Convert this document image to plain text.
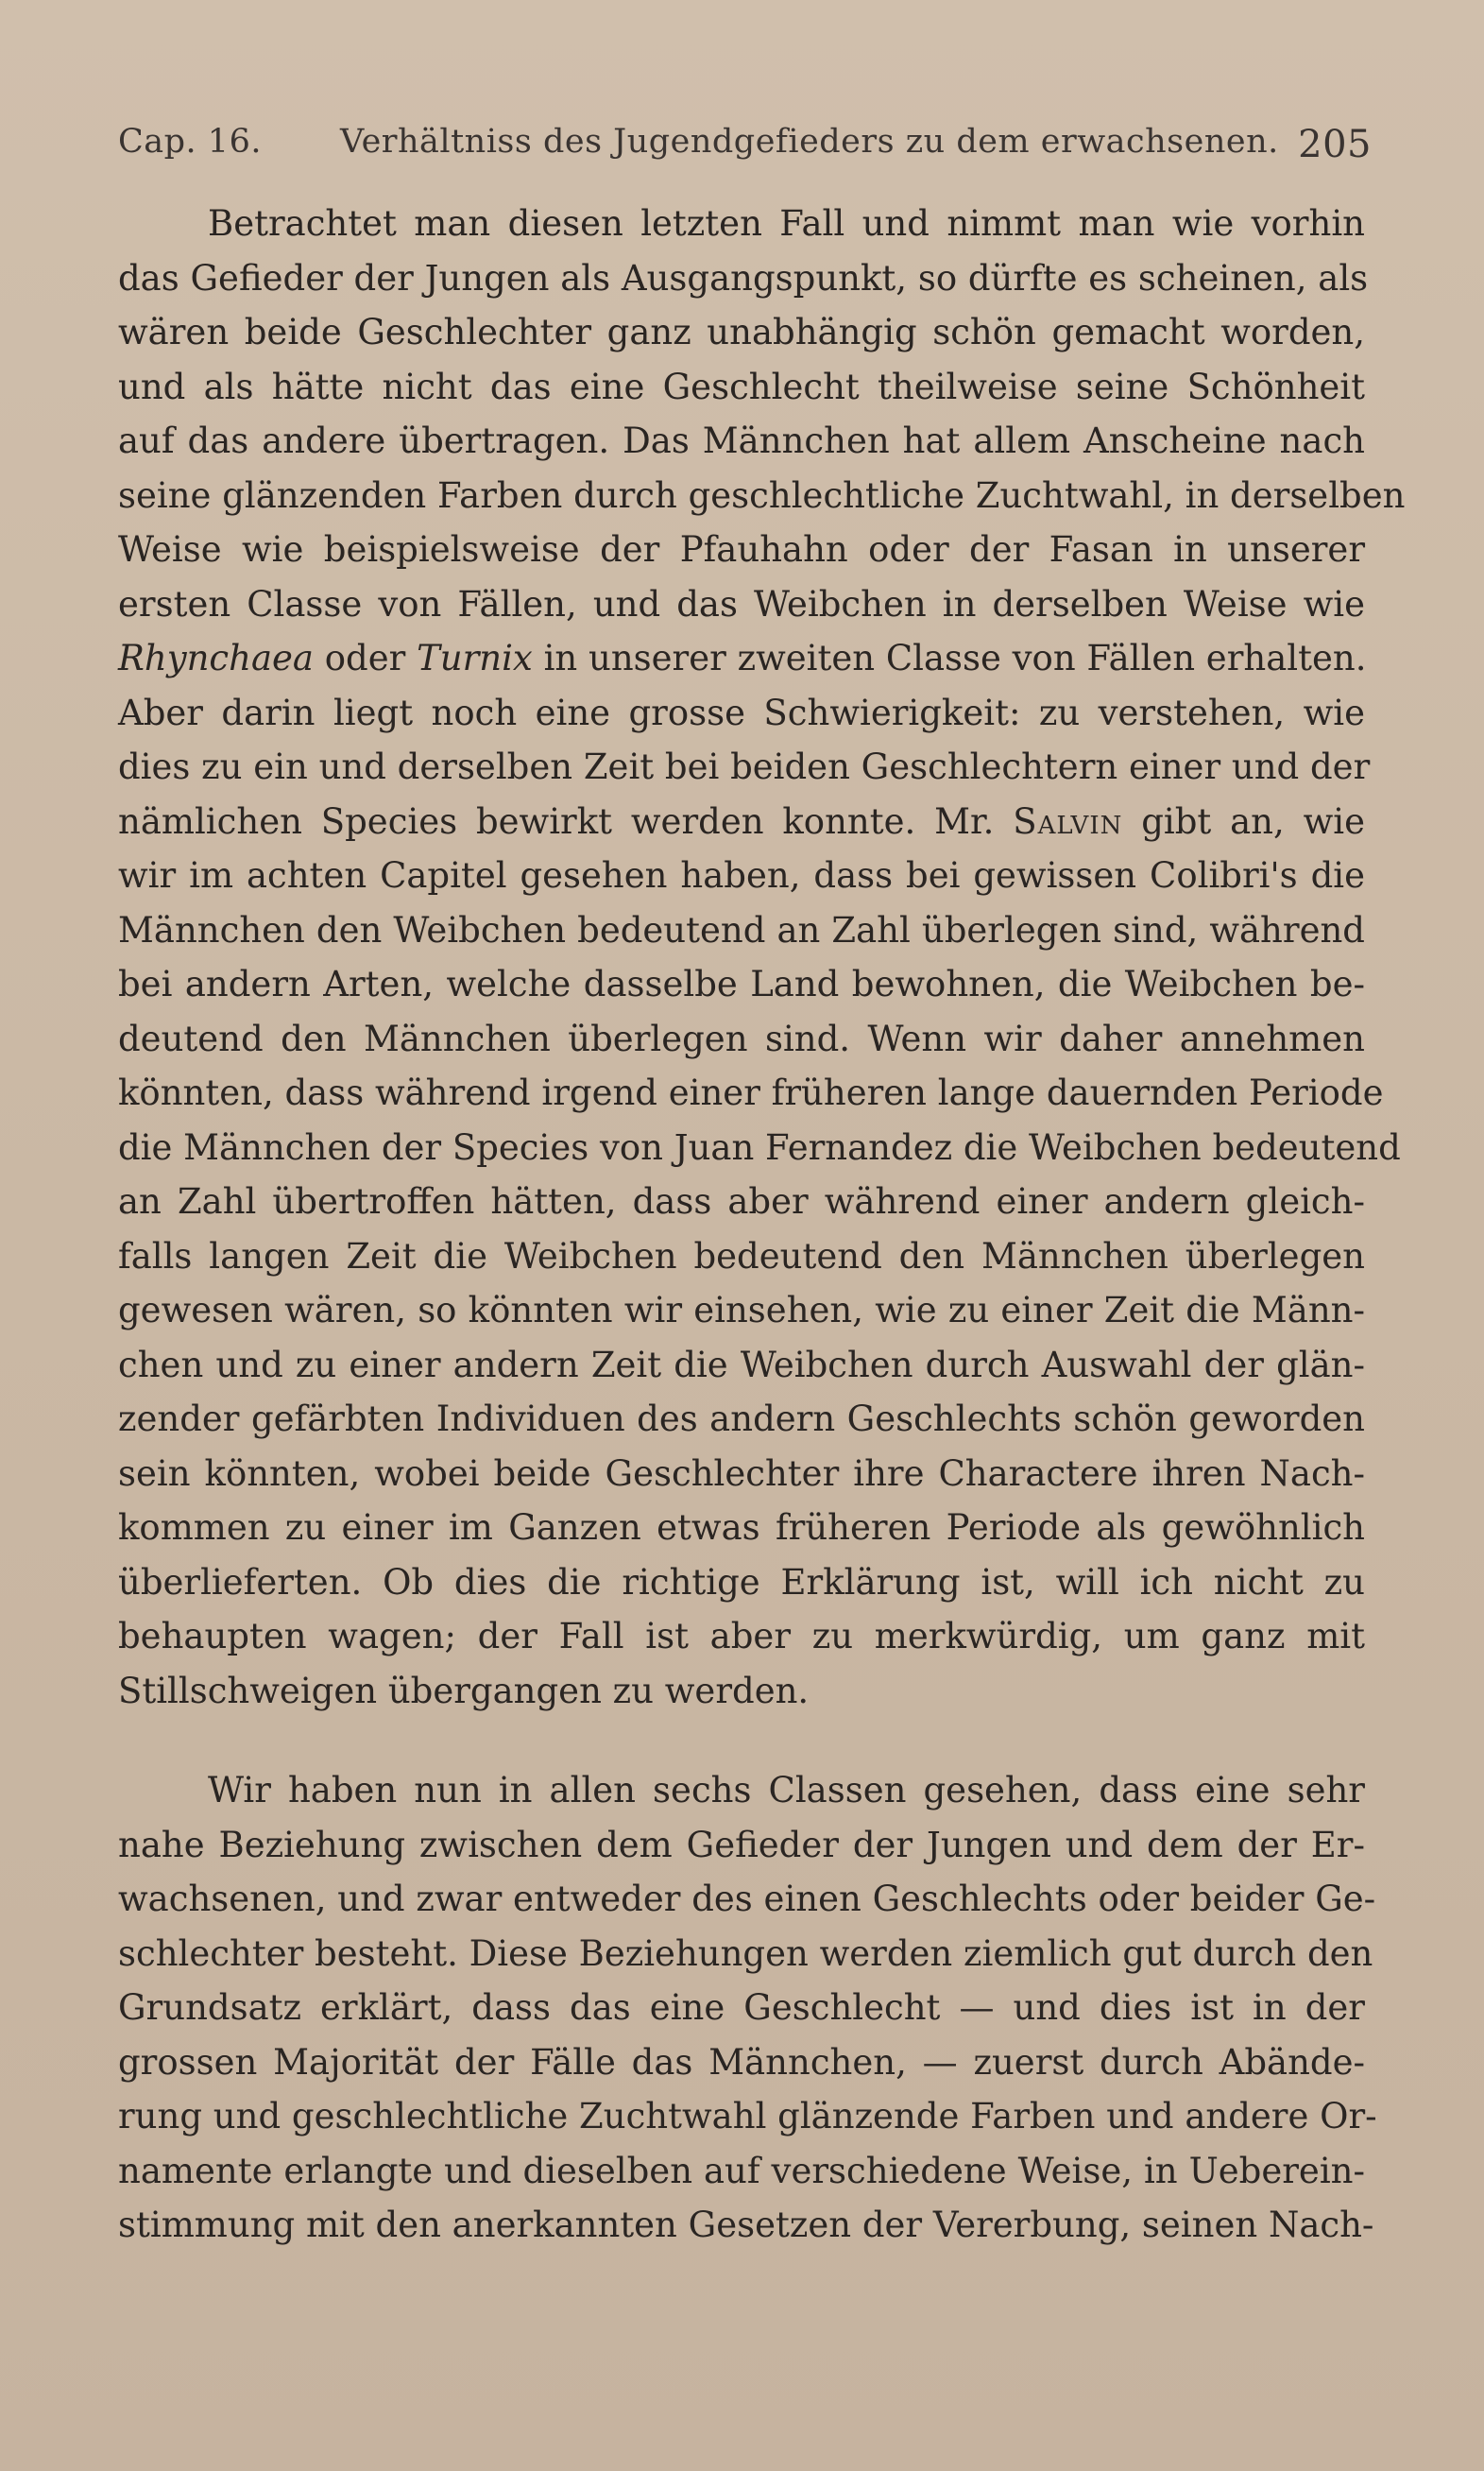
Cap. 16. Verhältniss des Jugendgefieders zu dem erwachsenen. 205

Betrachtet man diesen letzten Fall und nimmt man wie vorhin
das Gefieder der Jungen als Ausgangspunkt, so dürfte es scheinen, als
wären beide Geschlechter ganz unabhängig schön gemacht worden,
und als hätte nicht das eine Geschlecht theilweise seine Schönheit
auf das andere übertragen. Das Männchen hat allem Anscheine nach
seine glänzenden Farben durch geschlechtliche Zuchtwahl, in derselben
Weise wie beispielsweise der Pfauhahn oder der Fasan in unserer
ersten Classe von Fällen, und das Weibchen in derselben Weise wie
Rhynchaea oder Turnix in unserer zweiten Classe von Fällen erhalten.
Aber darin liegt noch eine grosse Schwierigkeit: zu verstehen, wie
dies zu ein und derselben Zeit bei beiden Geschlechtern einer und der
nämlichen Species bewirkt werden konnte. Mr. Salvin gibt an, wie
wir im achten Capitel gesehen haben, dass bei gewissen Colibri's die
Männchen den Weibchen bedeutend an Zahl überlegen sind, während
bei andern Arten, welche dasselbe Land bewohnen, die Weibchen be-
deutend den Männchen überlegen sind. Wenn wir daher annehmen
könnten, dass während irgend einer früheren lange dauernden Periode
die Männchen der Species von Juan Fernandez die Weibchen bedeutend
an Zahl übertroffen hätten, dass aber während einer andern gleich-
falls langen Zeit die Weibchen bedeutend den Männchen überlegen
gewesen wären, so könnten wir einsehen, wie zu einer Zeit die Männ-
chen und zu einer andern Zeit die Weibchen durch Auswahl der glän-
zender gefärbten Individuen des andern Geschlechts schön geworden
sein könnten, wobei beide Geschlechter ihre Charactere ihren Nach-
kommen zu einer im Ganzen etwas früheren Periode als gewöhnlich
überlieferten. Ob dies die richtige Erklärung ist, will ich nicht zu
behaupten wagen; der Fall ist aber zu merkwürdig, um ganz mit
Stillschweigen übergangen zu werden.

Wir haben nun in allen sechs Classen gesehen, dass eine sehr
nahe Beziehung zwischen dem Gefieder der Jungen und dem der Er-
wachsenen, und zwar entweder des einen Geschlechts oder beider Ge-
schlechter besteht. Diese Beziehungen werden ziemlich gut durch den
Grundsatz erklärt, dass das eine Geschlecht — und dies ist in der
grossen Majorität der Fälle das Männchen, — zuerst durch Abände-
rung und geschlechtliche Zuchtwahl glänzende Farben und andere Or-
namente erlangte und dieselben auf verschiedene Weise, in Ueberein-
stimmung mit den anerkannten Gesetzen der Vererbung, seinen Nach-
